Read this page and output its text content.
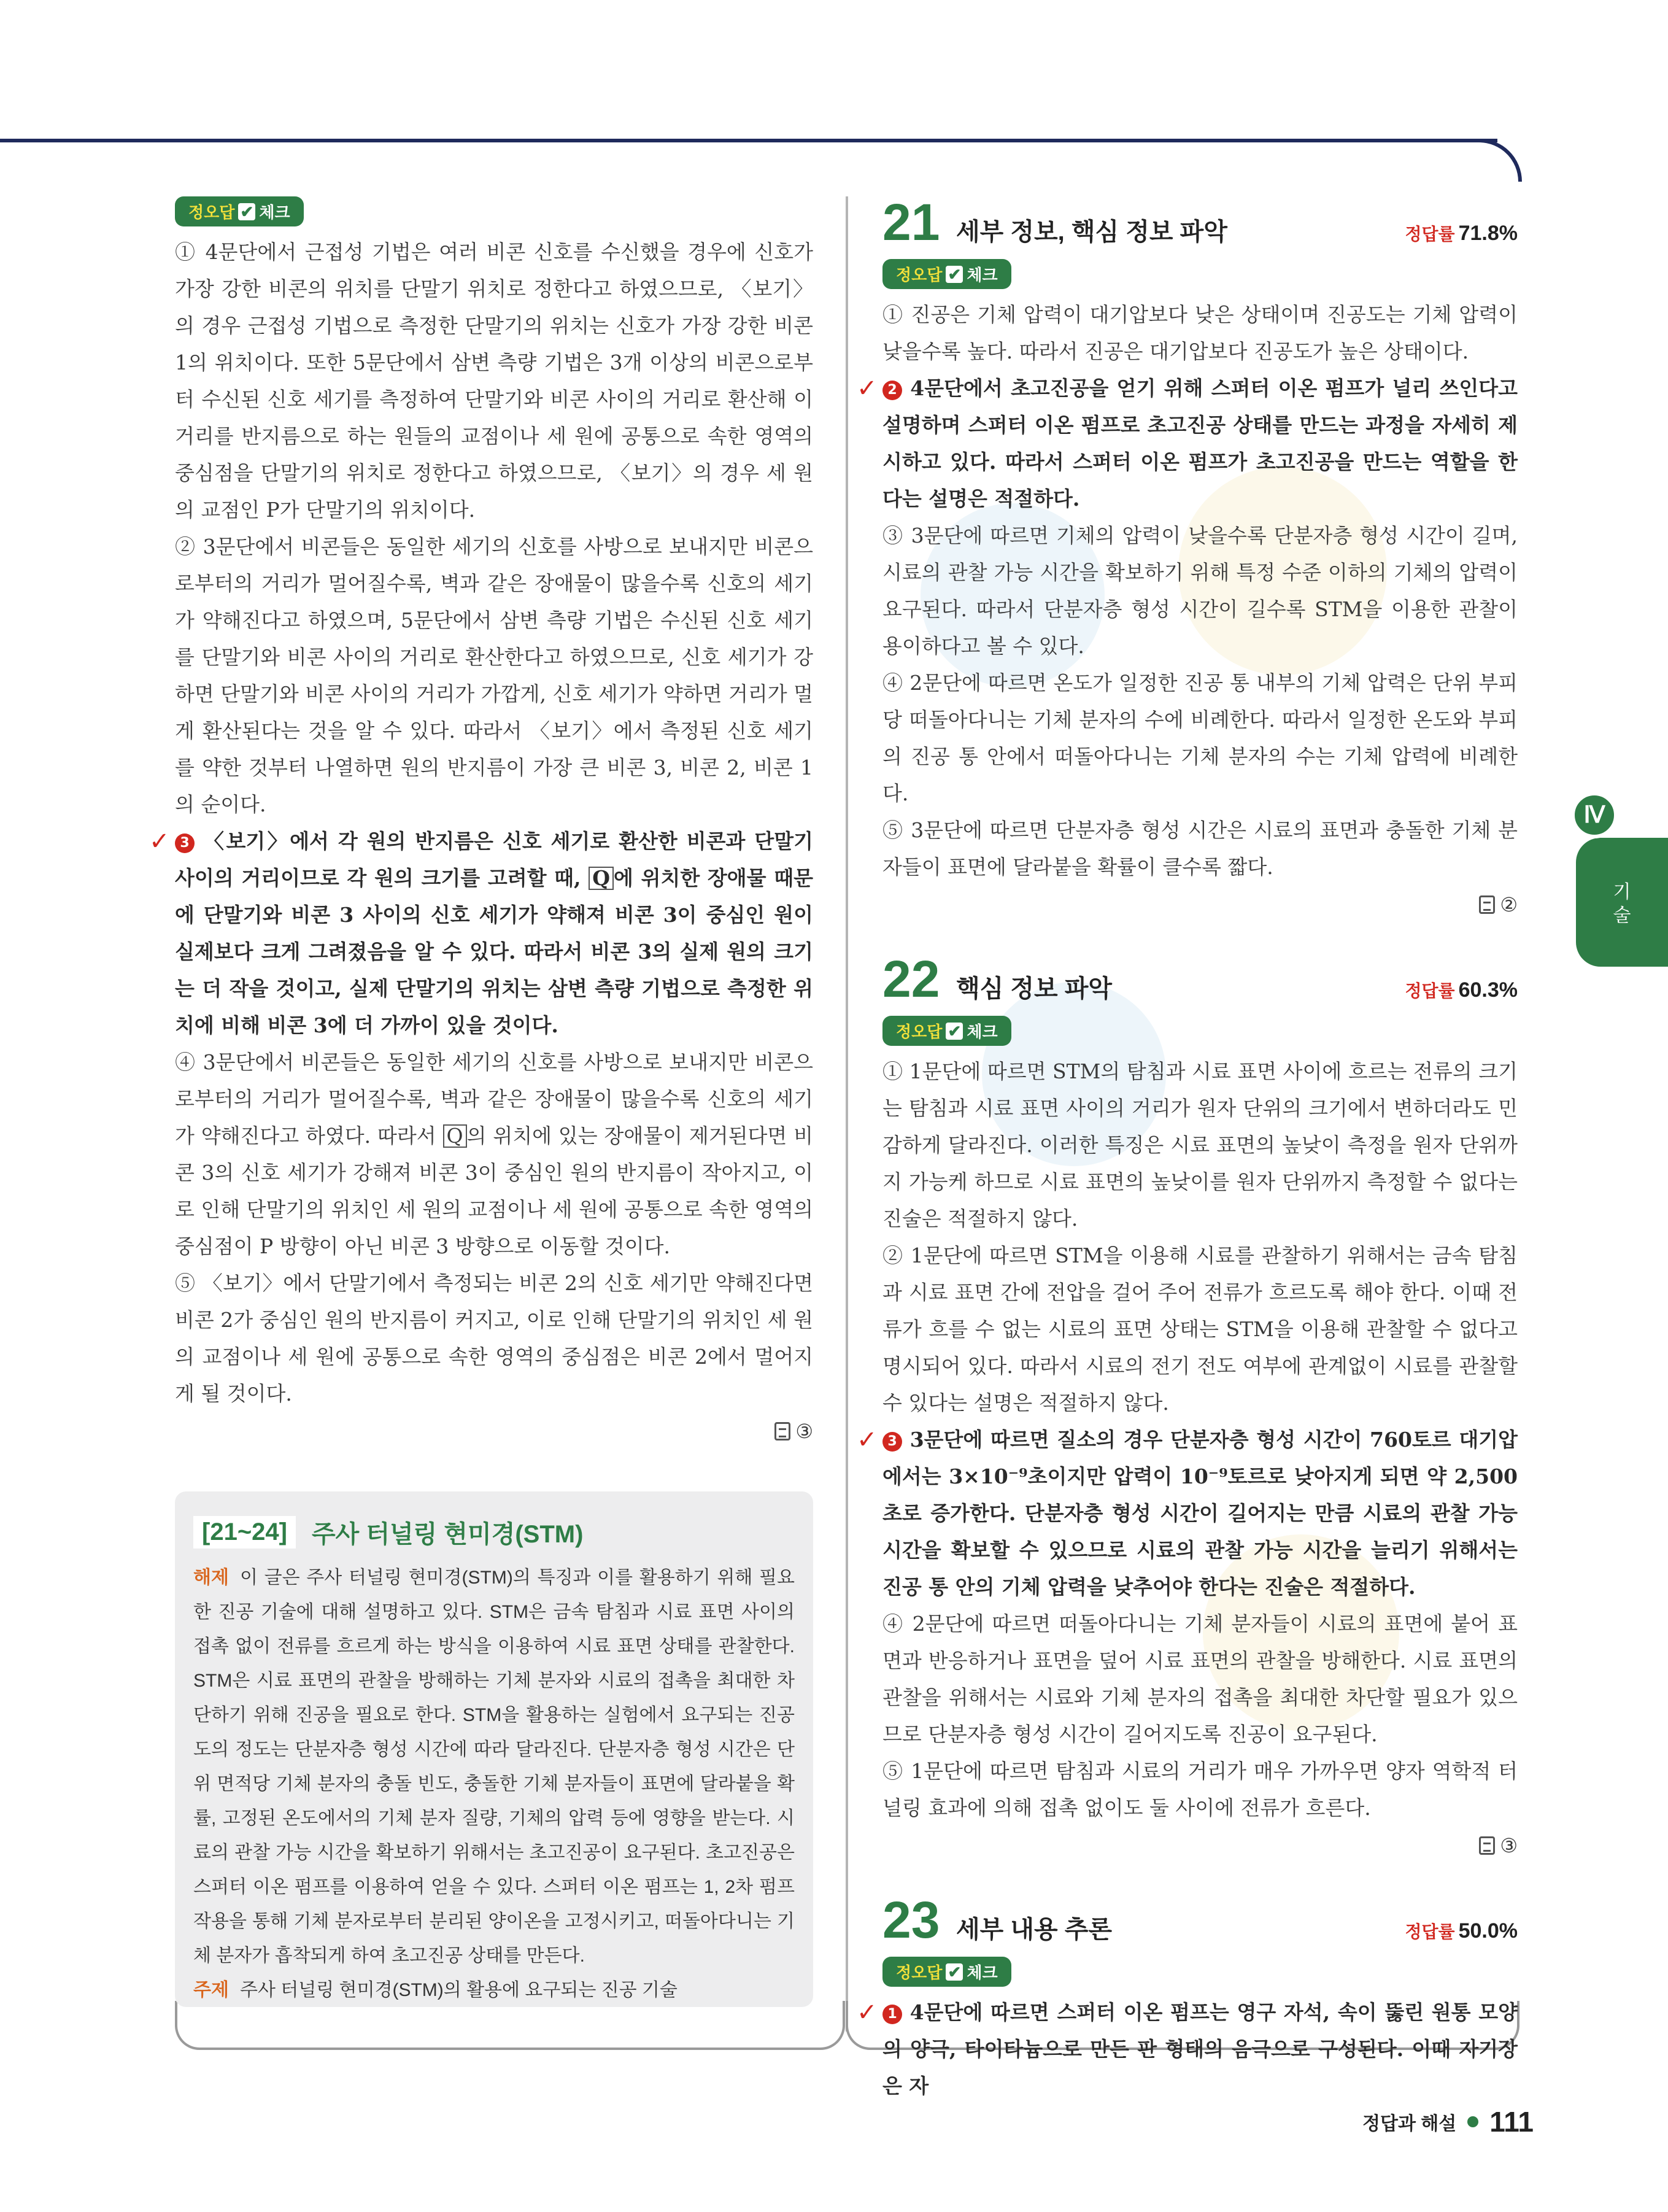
정오답 ✔ 체크

① 4문단에서 근접성 기법은 여러 비콘 신호를 수신했을 경우에 신호가 가장 강한 비콘의 위치를 단말기 위치로 정한다고 하였으므로, 〈보기〉의 경우 근접성 기법으로 측정한 단말기의 위치는 신호가 가장 강한 비콘 1의 위치이다. 또한 5문단에서 삼변 측량 기법은 3개 이상의 비콘으로부터 수신된 신호 세기를 측정하여 단말기와 비콘 사이의 거리로 환산해 이 거리를 반지름으로 하는 원들의 교점이나 세 원에 공통으로 속한 영역의 중심점을 단말기의 위치로 정한다고 하였으므로, 〈보기〉의 경우 세 원의 교점인 P가 단말기의 위치이다.

② 3문단에서 비콘들은 동일한 세기의 신호를 사방으로 보내지만 비콘으로부터의 거리가 멀어질수록, 벽과 같은 장애물이 많을수록 신호의 세기가 약해진다고 하였으며, 5문단에서 삼변 측량 기법은 수신된 신호 세기를 단말기와 비콘 사이의 거리로 환산한다고 하였으므로, 신호 세기가 강하면 단말기와 비콘 사이의 거리가 가깝게, 신호 세기가 약하면 거리가 멀게 환산된다는 것을 알 수 있다. 따라서 〈보기〉에서 측정된 신호 세기를 약한 것부터 나열하면 원의 반지름이 가장 큰 비콘 3, 비콘 2, 비콘 1의 순이다.

✓ 3 〈보기〉에서 각 원의 반지름은 신호 세기로 환산한 비콘과 단말기 사이의 거리이므로 각 원의 크기를 고려할 때, Q 에 위치한 장애물 때문에 단말기와 비콘 3 사이의 신호 세기가 약해져 비콘 3이 중심인 원이 실제보다 크게 그려졌음을 알 수 있다. 따라서 비콘 3의 실제 원의 크기는 더 작을 것이고, 실제 단말기의 위치는 삼변 측량 기법으로 측정한 위치에 비해 비콘 3에 더 가까이 있을 것이다.

④ 3문단에서 비콘들은 동일한 세기의 신호를 사방으로 보내지만 비콘으로부터의 거리가 멀어질수록, 벽과 같은 장애물이 많을수록 신호의 세기가 약해진다고 하였다. 따라서 Q 의 위치에 있는 장애물이 제거된다면 비콘 3의 신호 세기가 강해져 비콘 3이 중심인 원의 반지름이 작아지고, 이로 인해 단말기의 위치인 세 원의 교점이나 세 원에 공통으로 속한 영역의 중심점이 P 방향이 아닌 비콘 3 방향으로 이동할 것이다.

⑤ 〈보기〉에서 단말기에서 측정되는 비콘 2의 신호 세기만 약해진다면 비콘 2가 중심인 원의 반지름이 커지고, 이로 인해 단말기의 위치인 세 원의 교점이나 세 원에 공통으로 속한 영역의 중심점은 비콘 2에서 멀어지게 될 것이다.

③
[21~24]	주사 터널링 현미경(STM)

해제 이 글은 주사 터널링 현미경(STM)의 특징과 이를 활용하기 위해 필요한 진공 기술에 대해 설명하고 있다. STM은 금속 탐침과 시료 표면 사이의 접촉 없이 전류를 흐르게 하는 방식을 이용하여 시료 표면 상태를 관찰한다. STM은 시료 표면의 관찰을 방해하는 기체 분자와 시료의 접촉을 최대한 차단하기 위해 진공을 필요로 한다. STM을 활용하는 실험에서 요구되는 진공도의 정도는 단분자층 형성 시간에 따라 달라진다. 단분자층 형성 시간은 단위 면적당 기체 분자의 충돌 빈도, 충돌한 기체 분자들이 표면에 달라붙을 확률, 고정된 온도에서의 기체 분자 질량, 기체의 압력 등에 영향을 받는다. 시료의 관찰 가능 시간을 확보하기 위해서는 초고진공이 요구된다. 초고진공은 스퍼터 이온 펌프를 이용하여 얻을 수 있다. 스퍼터 이온 펌프는 1, 2차 펌프 작용을 통해 기체 분자로부터 분리된 양이온을 고정시키고, 떠돌아다니는 기체 분자가 흡착되게 하여 초고진공 상태를 만든다.

주제 주사 터널링 현미경(STM)의 활용에 요구되는 진공 기술

21 세부 정보, 핵심 정보 파악	정답률 71.8%
정오답 ✔ 체크

① 진공은 기체 압력이 대기압보다 낮은 상태이며 진공도는 기체 압력이 낮을수록 높다. 따라서 진공은 대기압보다 진공도가 높은 상태이다.

✓ 2 4문단에서 초고진공을 얻기 위해 스퍼터 이온 펌프가 널리 쓰인다고 설명하며 스퍼터 이온 펌프로 초고진공 상태를 만드는 과정을 자세히 제시하고 있다. 따라서 스퍼터 이온 펌프가 초고진공을 만드는 역할을 한다는 설명은 적절하다.

③ 3문단에 따르면 기체의 압력이 낮을수록 단분자층 형성 시간이 길며, 시료의 관찰 가능 시간을 확보하기 위해 특정 수준 이하의 기체의 압력이 요구된다. 따라서 단분자층 형성 시간이 길수록 STM을 이용한 관찰이 용이하다고 볼 수 있다.

④ 2문단에 따르면 온도가 일정한 진공 통 내부의 기체 압력은 단위 부피당 떠돌아다니는 기체 분자의 수에 비례한다. 따라서 일정한 온도와 부피의 진공 통 안에서 떠돌아다니는 기체 분자의 수는 기체 압력에 비례한다.

⑤ 3문단에 따르면 단분자층 형성 시간은 시료의 표면과 충돌한 기체 분자들이 표면에 달라붙을 확률이 클수록 짧다.

②
22 핵심 정보 파악	정답률 60.3%
정오답 ✔ 체크

① 1문단에 따르면 STM의 탐침과 시료 표면 사이에 흐르는 전류의 크기는 탐침과 시료 표면 사이의 거리가 원자 단위의 크기에서 변하더라도 민감하게 달라진다. 이러한 특징은 시료 표면의 높낮이 측정을 원자 단위까지 가능케 하므로 시료 표면의 높낮이를 원자 단위까지 측정할 수 없다는 진술은 적절하지 않다.

② 1문단에 따르면 STM을 이용해 시료를 관찰하기 위해서는 금속 탐침과 시료 표면 간에 전압을 걸어 주어 전류가 흐르도록 해야 한다. 이때 전류가 흐를 수 없는 시료의 표면 상태는 STM을 이용해 관찰할 수 없다고 명시되어 있다. 따라서 시료의 전기 전도 여부에 관계없이 시료를 관찰할 수 있다는 설명은 적절하지 않다.

✓ 3 3문단에 따르면 질소의 경우 단분자층 형성 시간이 760토르 대기압에서는 3×10⁻⁹초이지만 압력이 10⁻⁹토르로 낮아지게 되면 약 2,500초로 증가한다. 단분자층 형성 시간이 길어지는 만큼 시료의 관찰 가능 시간을 확보할 수 있으므로 시료의 관찰 가능 시간을 늘리기 위해서는 진공 통 안의 기체 압력을 낮추어야 한다는 진술은 적절하다.

④ 2문단에 따르면 떠돌아다니는 기체 분자들이 시료의 표면에 붙어 표면과 반응하거나 표면을 덮어 시료 표면의 관찰을 방해한다. 시료 표면의 관찰을 위해서는 시료와 기체 분자의 접촉을 최대한 차단할 필요가 있으므로 단분자층 형성 시간이 길어지도록 진공이 요구된다.

⑤ 1문단에 따르면 탐침과 시료의 거리가 매우 가까우면 양자 역학적 터널링 효과에 의해 접촉 없이도 둘 사이에 전류가 흐른다.

③
23 세부 내용 추론	정답률 50.0%
정오답 ✔ 체크

✓ 1 4문단에 따르면 스퍼터 이온 펌프는 영구 자석, 속이 뚫린 원통 모양의 양극, 타이타늄으로 만든 판 형태의 음극으로 구성된다. 이때 자기장은 자

기술
Ⅳ
정답과 해설 111
